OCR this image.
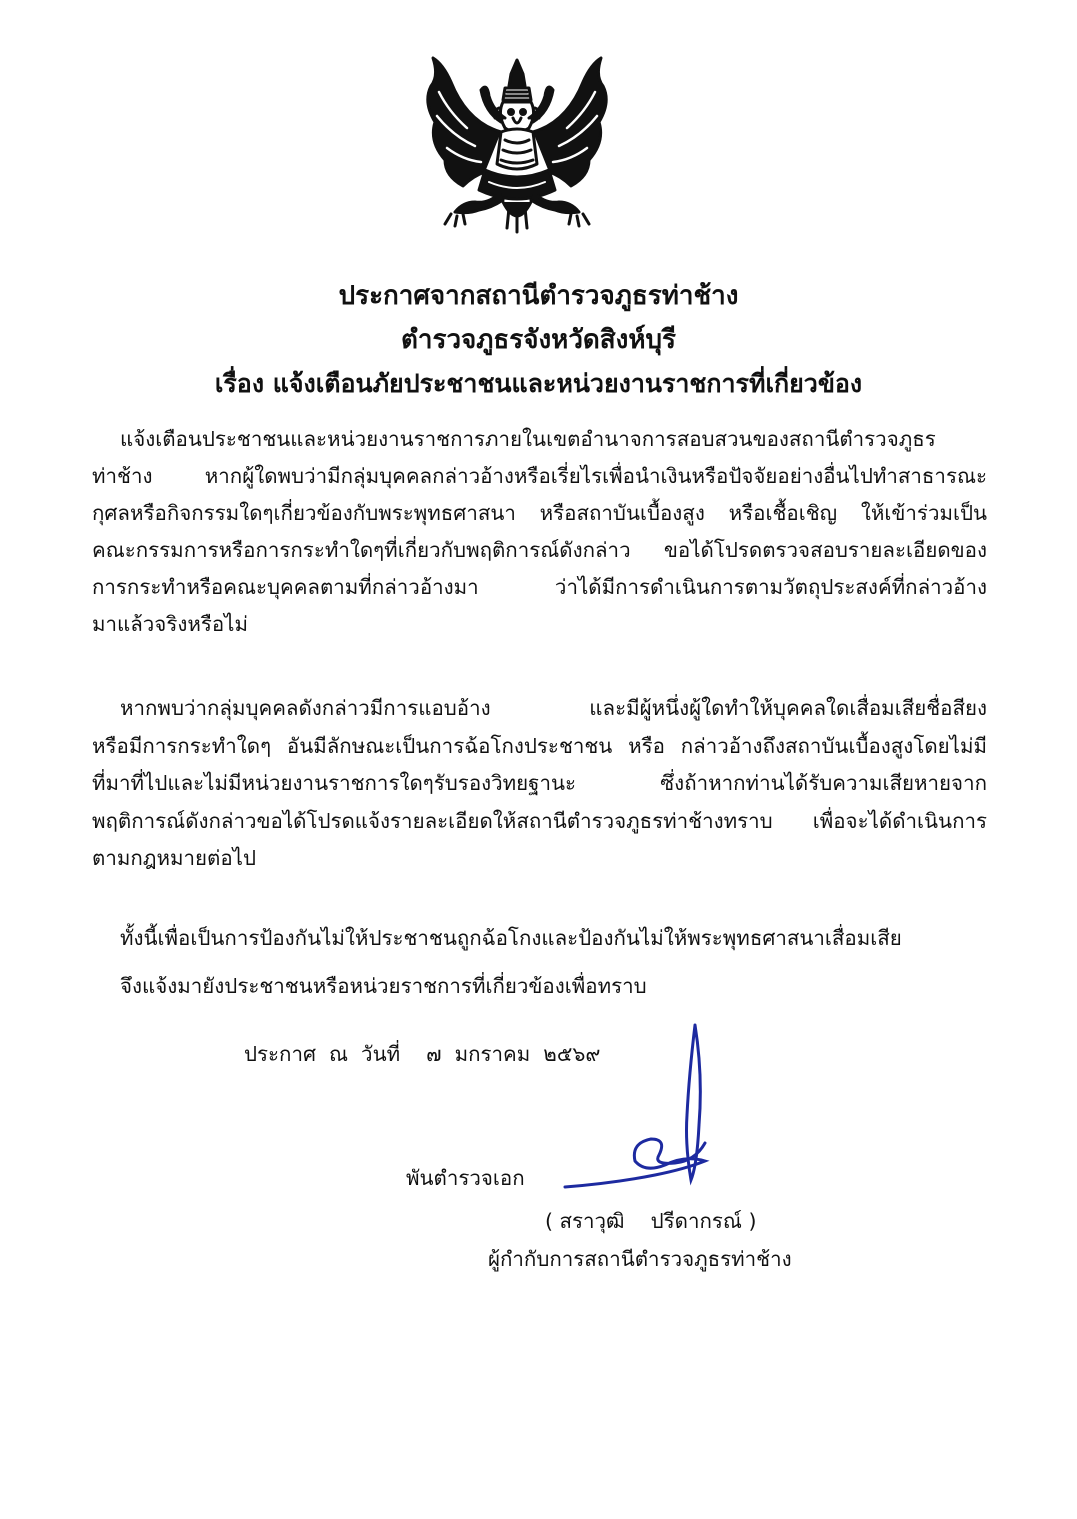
ประกาศจากสถานีตำรวจภูธรท่าช้าง
ตำรวจภูธรจังหวัดสิงห์บุรี
เรื่อง แจ้งเตือนภัยประชาชนและหน่วยงานราชการที่เกี่ยวข้อง
แจ้งเตือนประชาชนและหน่วยงานราชการภายในเขตอำนาจการสอบสวนของสถานีตำรวจภูธร
ท่าช้าง หากผู้ใดพบว่ามีกลุ่มบุคคลกล่าวอ้างหรือเรี่ยไรเพื่อนำเงินหรือปัจจัยอย่างอื่นไปทำสาธารณะ
กุศลหรือกิจกรรมใดๆเกี่ยวข้องกับพระพุทธศาสนา หรือสถาบันเบื้องสูง หรือเชื้อเชิญ ให้เข้าร่วมเป็น
คณะกรรมการหรือการกระทำใดๆที่เกี่ยวกับพฤติการณ์ดังกล่าว ขอได้โปรดตรวจสอบรายละเอียดของ
การกระทำหรือคณะบุคคลตามที่กล่าวอ้างมา ว่าได้มีการดำเนินการตามวัตถุประสงค์ที่กล่าวอ้าง
มาแล้วจริงหรือไม่
หากพบว่ากลุ่มบุคคลดังกล่าวมีการแอบอ้าง และมีผู้หนึ่งผู้ใดทำให้บุคคลใดเสื่อมเสียชื่อสียง
หรือมีการกระทำใดๆ อันมีลักษณะเป็นการฉ้อโกงประชาชน หรือ กล่าวอ้างถึงสถาบันเบื้องสูงโดยไม่มี
ที่มาที่ไปและไม่มีหน่วยงานราชการใดๆรับรองวิทยฐานะ ซึ่งถ้าหากท่านได้รับความเสียหายจาก
พฤติการณ์ดังกล่าวขอได้โปรดแจ้งรายละเอียดให้สถานีตำรวจภูธรท่าช้างทราบ เพื่อจะได้ดำเนินการ
ตามกฎหมายต่อไป
ทั้งนี้เพื่อเป็นการป้องกันไม่ให้ประชาชนถูกฉ้อโกงและป้องกันไม่ให้พระพุทธศาสนาเสื่อมเสีย
จึงแจ้งมายังประชาชนหรือหน่วยราชการที่เกี่ยวข้องเพื่อทราบ
ประกาศ  ณ  วันที่    ๗  มกราคม  ๒๕๖๙
พันตำรวจเอก
( สราวุฒิ    ปรีดากรณ์ )
ผู้กำกับการสถานีตำรวจภูธรท่าช้าง
